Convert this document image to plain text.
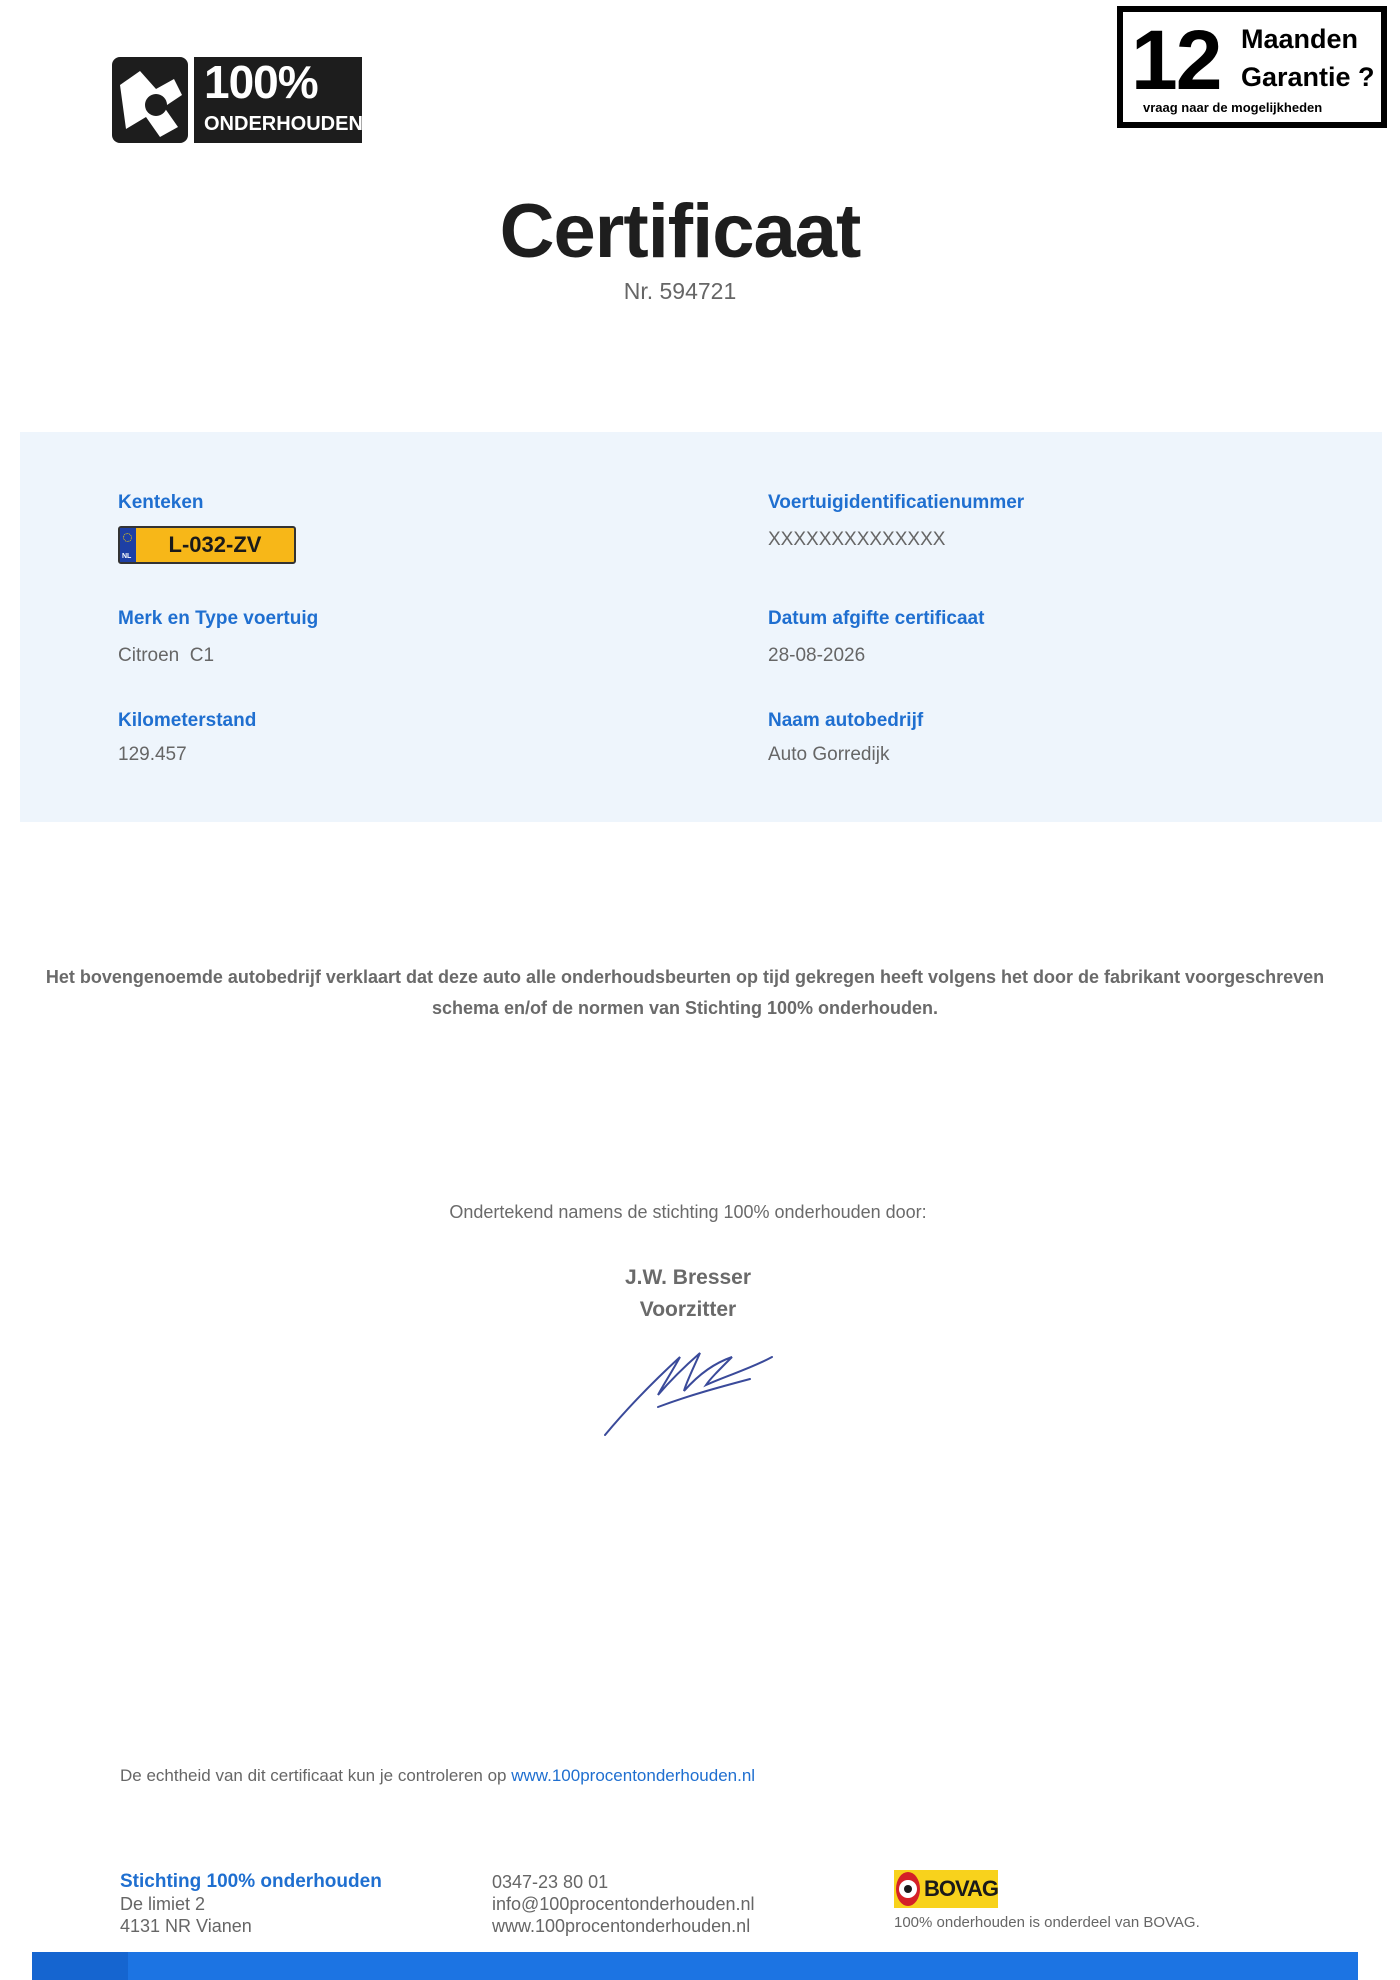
100%
ONDERHOUDEN
12 Maanden
Garantie ?
vraag naar de mogelijkheden
Certificaat
Nr. 594721
Kenteken
NL	L-032-ZV
Voertuigidentificatienummer
XXXXXXXXXXXXXX
Merk en Type voertuig
Citroen  C1
Datum afgifte certificaat
28-08-2026
Kilometerstand
129.457
Naam autobedrijf
Auto Gorredijk

Het bovengenoemde autobedrijf verklaart dat deze auto alle onderhoudsbeurten op tijd gekregen heeft volgens het door de fabrikant voorgeschreven schema en/of de normen van Stichting 100% onderhouden.

Ondertekend namens de stichting 100% onderhouden door:
J.W. Bresser
Voorzitter
De echtheid van dit certificaat kun je controleren op www.100procentonderhouden.nl
Stichting 100% onderhouden
De limiet 2
4131 NR Vianen
0347-23 80 01
info@100procentonderhouden.nl
www.100procentonderhouden.nl
BOVAG
100% onderhouden is onderdeel van BOVAG.
